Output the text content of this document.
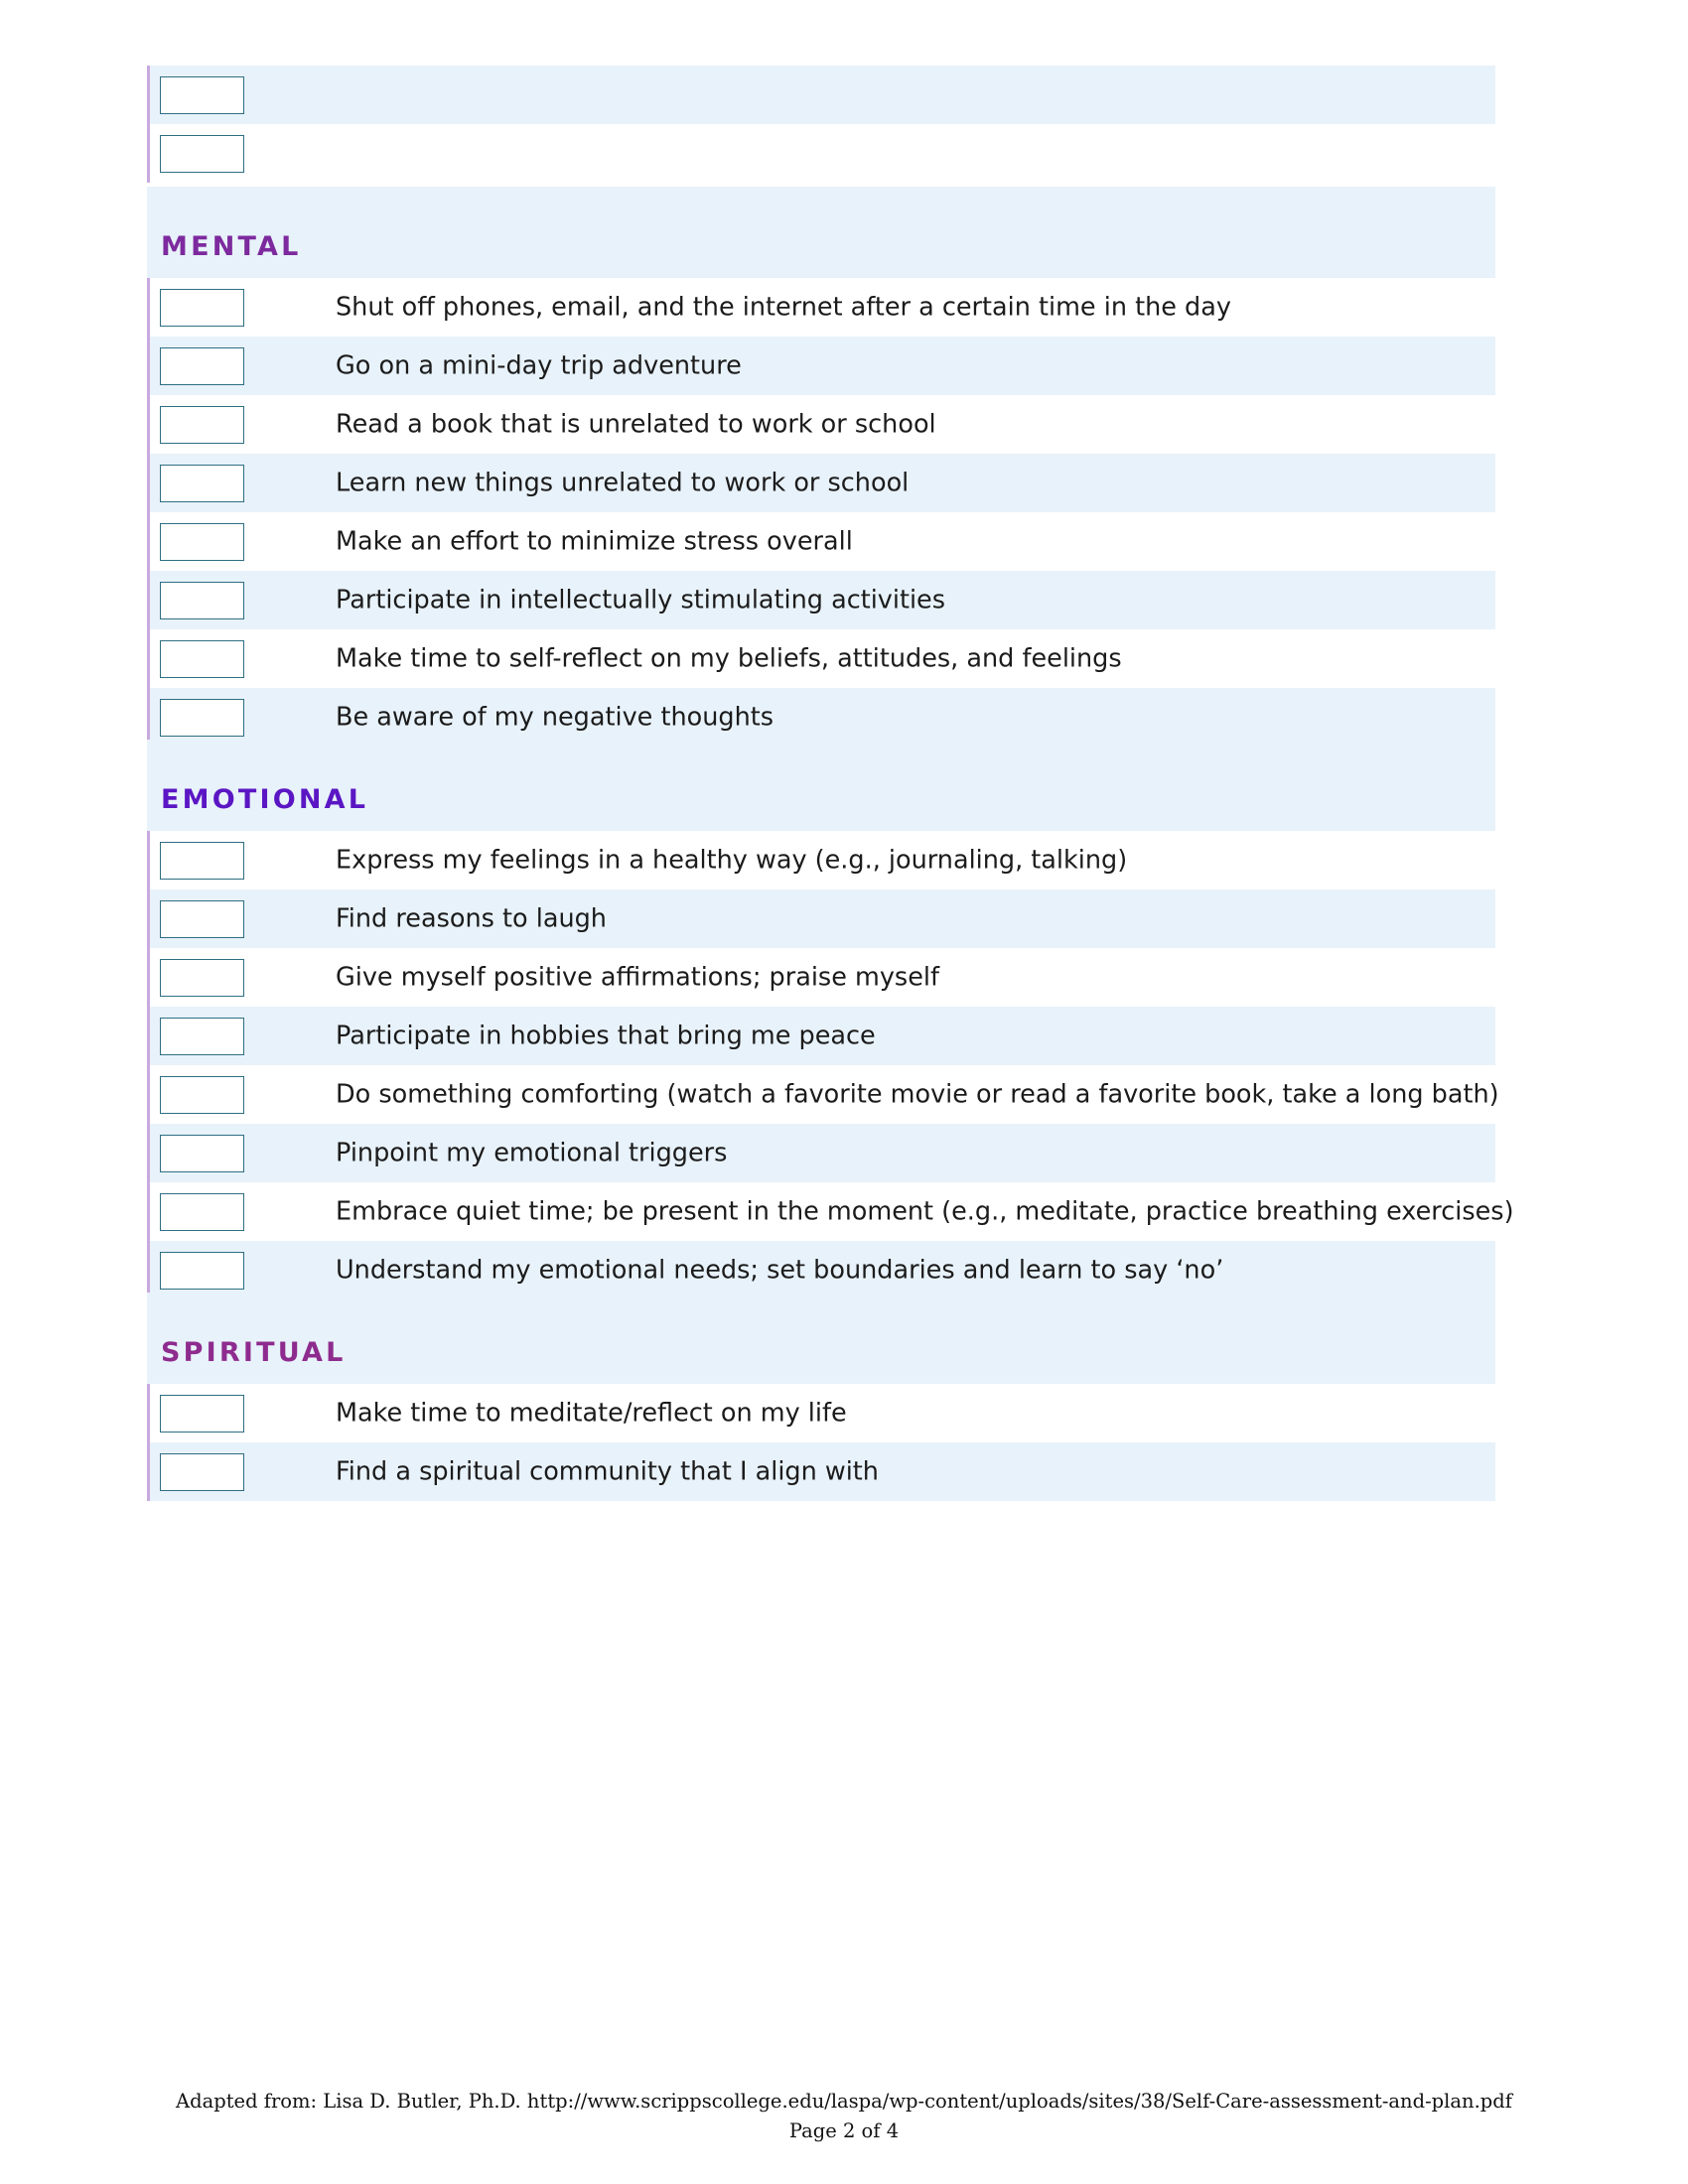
MENTAL
Shut off phones, email, and the internet after a certain time in the day
Go on a mini-day trip adventure
Read a book that is unrelated to work or school
Learn new things unrelated to work or school
Make an effort to minimize stress overall
Participate in intellectually stimulating activities
Make time to self-reflect on my beliefs, attitudes, and feelings
Be aware of my negative thoughts
EMOTIONAL
Express my feelings in a healthy way (e.g., journaling, talking)
Find reasons to laugh
Give myself positive affirmations; praise myself
Participate in hobbies that bring me peace
Do something comforting (watch a favorite movie or read a favorite book, take a long bath)
Pinpoint my emotional triggers
Embrace quiet time; be present in the moment (e.g., meditate, practice breathing exercises)
Understand my emotional needs; set boundaries and learn to say ‘no’
SPIRITUAL
Make time to meditate/reflect on my life
Find a spiritual community that I align with
Adapted from: Lisa D. Butler, Ph.D. http://www.scrippscollege.edu/laspa/wp-content/uploads/sites/38/Self-Care-assessment-and-plan.pdf
Page 2 of 4
